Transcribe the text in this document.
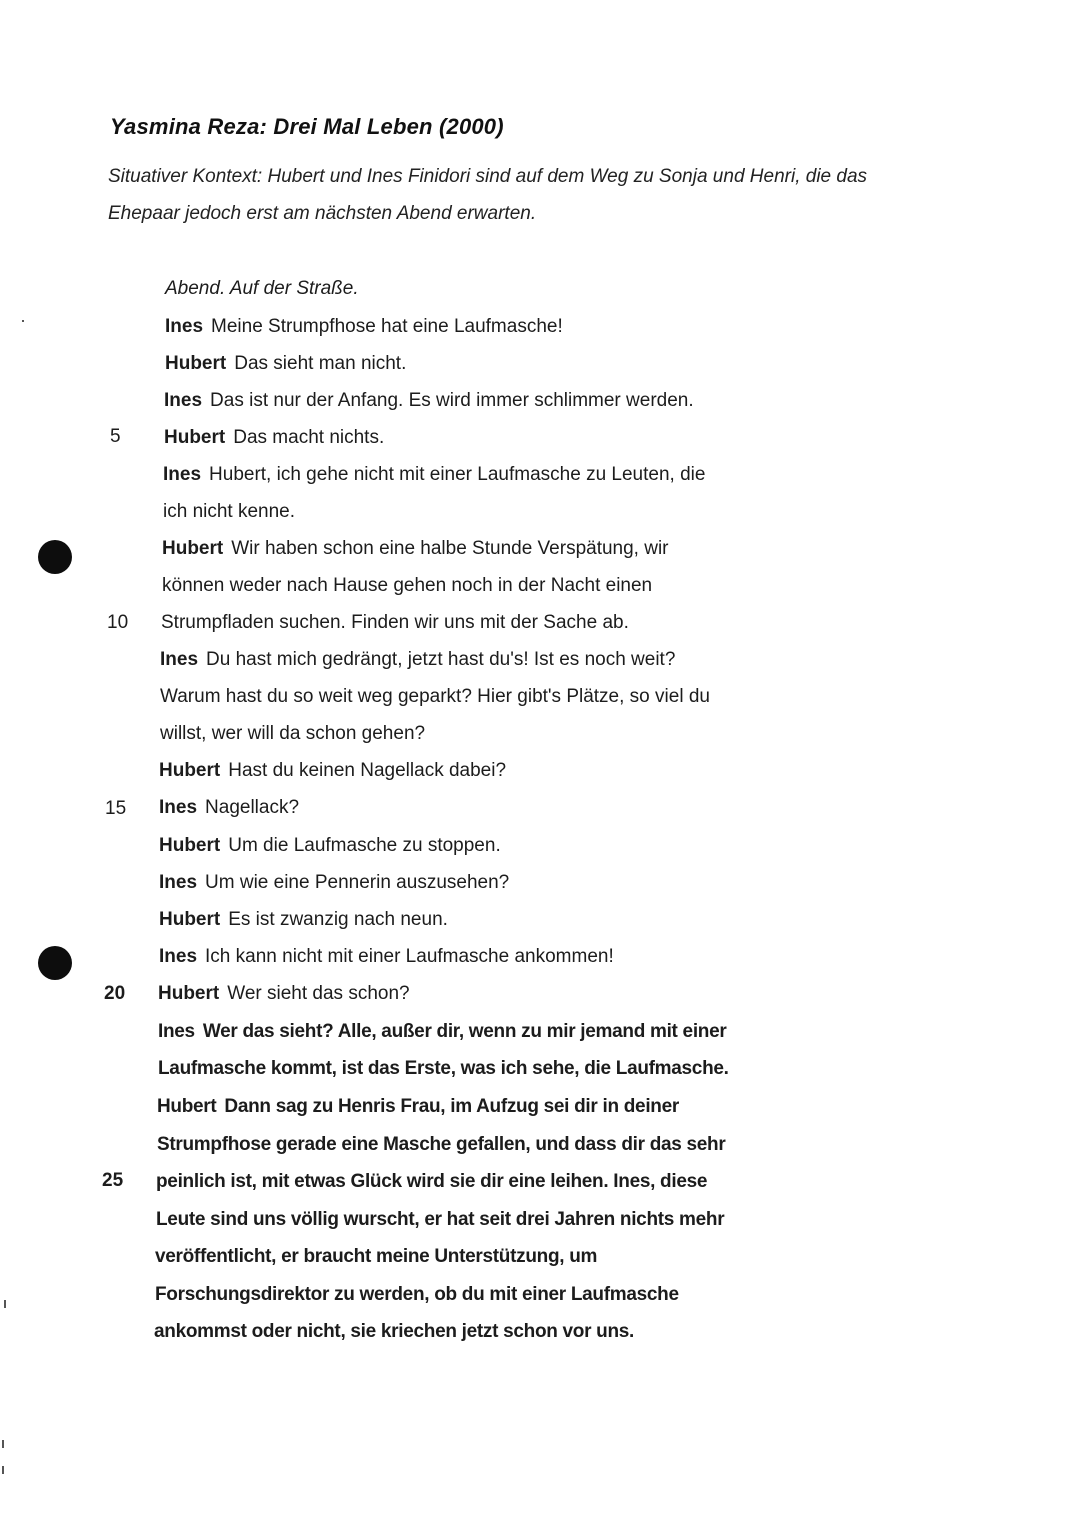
Yasmina Reza: Drei Mal Leben (2000)
Situativer Kontext: Hubert und Ines Finidori sind auf dem Weg zu Sonja und Henri, die das
Ehepaar jedoch erst am nächsten Abend erwarten.
Abend. Auf der Straße.
5
10
15
20
25
Ines Meine Strumpfhose hat eine Laufmasche!
Hubert Das sieht man nicht.
Ines Das ist nur der Anfang. Es wird immer schlimmer werden.
Hubert Das macht nichts.
Ines Hubert, ich gehe nicht mit einer Laufmasche zu Leuten, die
ich nicht kenne.
Hubert Wir haben schon eine halbe Stunde Verspätung, wir
können weder nach Hause gehen noch in der Nacht einen
Strumpfladen suchen. Finden wir uns mit der Sache ab.
Ines Du hast mich gedrängt, jetzt hast du's! Ist es noch weit?
Warum hast du so weit weg geparkt? Hier gibt's Plätze, so viel du
willst, wer will da schon gehen?
Hubert Hast du keinen Nagellack dabei?
Ines Nagellack?
Hubert Um die Laufmasche zu stoppen.
Ines Um wie eine Pennerin auszusehen?
Hubert Es ist zwanzig nach neun.
Ines Ich kann nicht mit einer Laufmasche ankommen!
Hubert Wer sieht das schon?
Ines Wer das sieht? Alle, außer dir, wenn zu mir jemand mit einer
Laufmasche kommt, ist das Erste, was ich sehe, die Laufmasche.
Hubert Dann sag zu Henris Frau, im Aufzug sei dir in deiner
Strumpfhose gerade eine Masche gefallen, und dass dir das sehr
peinlich ist, mit etwas Glück wird sie dir eine leihen. Ines, diese
Leute sind uns völlig wurscht, er hat seit drei Jahren nichts mehr
veröffentlicht, er braucht meine Unterstützung, um
Forschungsdirektor zu werden, ob du mit einer Laufmasche
ankommst oder nicht, sie kriechen jetzt schon vor uns.
